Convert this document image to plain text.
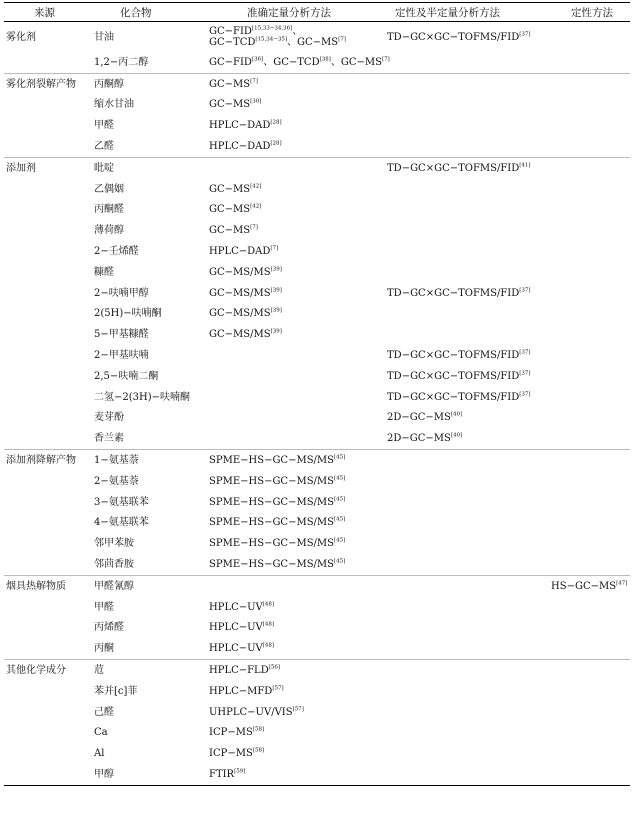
来源	化合物	准确定量分析方法	定性及半定量分析方法	定性方法
雾化剂	甘油	GC−FID[15,33−34,36]、GC−TCD[15,34−35]、GC−MS[7]	TD−GC×GC−TOFMS/FID[37]	
	1,2−丙二醇	GC−FID[36]、GC−TCD[38]、GC−MS[7]		
雾化剂裂解产物	丙酮醇	GC−MS[7]		
	缩水甘油	GC−MS[30]		
	甲醛	HPLC−DAD[28]		
	乙醛	HPLC−DAD[28]		
添加剂	吡啶		TD−GC×GC−TOFMS/FID[41]	
	乙偶姻	GC−MS[42]		
	丙酮醛	GC−MS[42]		
	薄荷醇	GC−MS[7]		
	2−壬烯醛	HPLC−DAD[7]		
	糠醛	GC−MS/MS[39]		
	2−呋喃甲醇	GC−MS/MS[39]	TD−GC×GC−TOFMS/FID[37]	
	2(5H)−呋喃酮	GC−MS/MS[39]		
	5−甲基糠醛	GC−MS/MS[39]		
	2−甲基呋喃		TD−GC×GC−TOFMS/FID[37]	
	2,5−呋喃二酮		TD−GC×GC−TOFMS/FID[37]	
	二氢−2(3H)−呋喃酮		TD−GC×GC−TOFMS/FID[37]	
	麦芽酚		2D−GC−MS[40]	
	香兰素		2D−GC−MS[40]	
添加剂降解产物	1−氨基萘	SPME−HS−GC−MS/MS[45]		
	2−氨基萘	SPME−HS−GC−MS/MS[45]		
	3−氨基联苯	SPME−HS−GC−MS/MS[45]		
	4−氨基联苯	SPME−HS−GC−MS/MS[45]		
	邻甲苯胺	SPME−HS−GC−MS/MS[45]		
	邻茴香胺	SPME−HS−GC−MS/MS[45]		
烟具热解物质	甲醛氰醇			HS−GC−MS[47]
	甲醛	HPLC−UV[48]		
	丙烯醛	HPLC−UV[48]		
	丙酮	HPLC−UV[48]		
其他化学成分	苊	HPLC−FLD[56]		
	苯并[c]菲	HPLC−MFD[57]		
	己醛	UHPLC−UV/VIS[57]		
	Ca	ICP−MS[58]		
	Al	ICP−MS[58]		
	甲醇	FTIR[59]		
